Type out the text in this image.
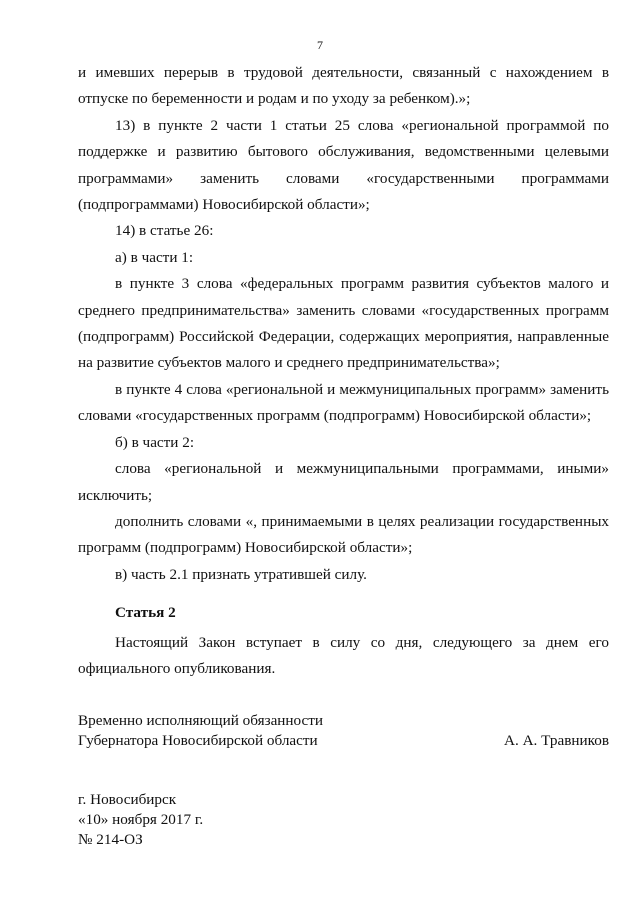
7

и имевших перерыв в трудовой деятельности, связанный с нахождением в отпуске по беременности и родам и по уходу за ребенком).»;

13) в пункте 2 части 1 статьи 25 слова «региональной программой по поддержке и развитию бытового обслуживания, ведомственными целевыми программами» заменить словами «государственными программами (подпрограммами) Новосибирской области»;

14) в статье 26:

а) в части 1:

в пункте 3 слова «федеральных программ развития субъектов малого и среднего предпринимательства» заменить словами «государственных программ (подпрограмм) Российской Федерации, содержащих мероприятия, направленные на развитие субъектов малого и среднего предпринимательства»;

в пункте 4 слова «региональной и межмуниципальных программ» заменить словами «государственных программ (подпрограмм) Новосибирской области»;

б) в части 2:

слова «региональной и межмуниципальными программами, иными» исключить;

дополнить словами «, принимаемыми в целях реализации государственных программ (подпрограмм) Новосибирской области»;

в) часть 2.1 признать утратившей силу.

Статья 2

Настоящий Закон вступает в силу со дня, следующего за днем его официального опубликования.

Временно исполняющий обязанности
Губернатора Новосибирской области	А. А. Травников
г. Новосибирск
«10» ноября 2017 г.
№ 214-ОЗ
